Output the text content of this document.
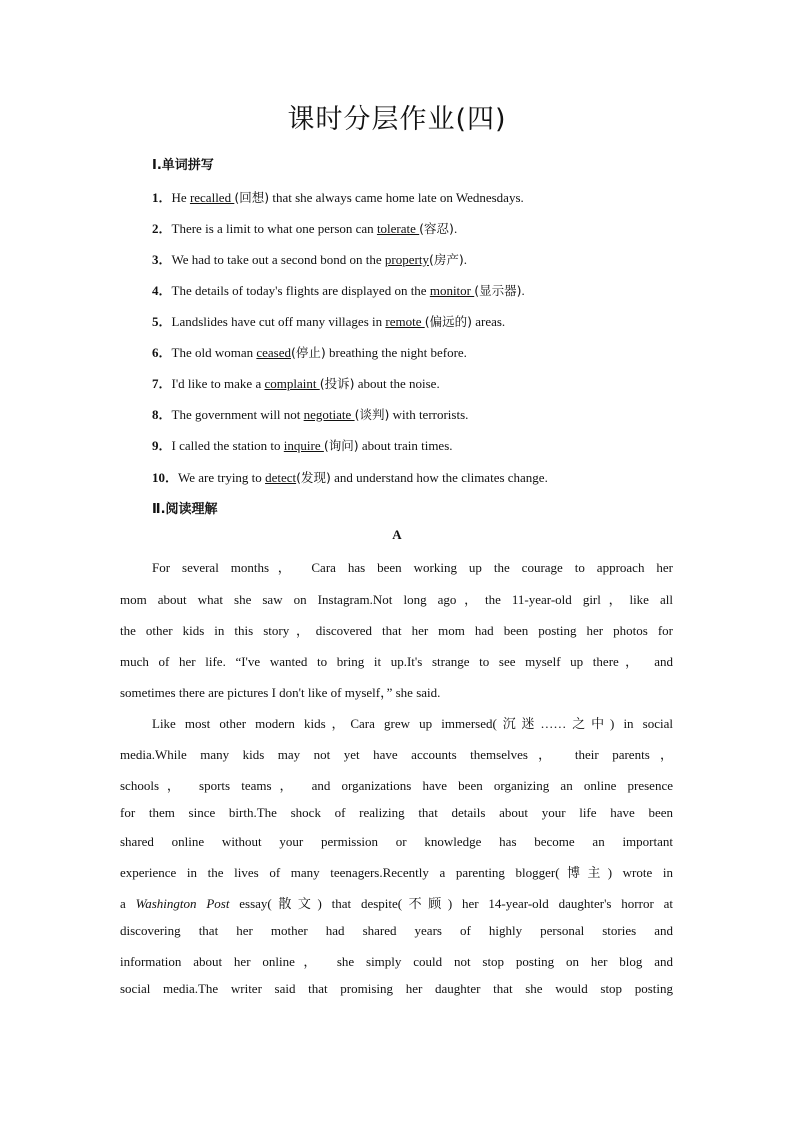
课时分层作业(四)
Ⅰ.单词拼写
1．He recalled (回想) that she always came home late on Wednesdays.
2．There is a limit to what one person can tolerate (容忍).
3．We had to take out a second bond on the property(房产).
4．The details of today's flights are displayed on the monitor (显示器).
5．Landslides have cut off many villages in remote (偏远的) areas.
6．The old woman ceased(停止) breathing the night before.
7．I'd like to make a complaint (投诉) about the noise.
8．The government will not negotiate (谈判) with terrorists.
9．I called the station to inquire (询问) about train times.
10．We are trying to detect(发现) and understand how the climates change.
Ⅱ.阅读理解
A
For several months， Cara has been working up the courage to approach her
mom about what she saw on Instagram.Not long ago，the 11-year-old girl，like all
the other kids in this story，discovered that her mom had been posting her photos for
much of her life. “I've wanted to bring it up.It's strange to see myself up there， and
sometimes there are pictures I don't like of myself，” she said.
Like most other modern kids，Cara grew up immersed(沉迷……之中) in social
media.While many kids may not yet have accounts themselves， their parents，
schools， sports teams， and organizations have been organizing an online presence
for them since birth.The shock of realizing that details about your life have been
shared online without your permission or knowledge has become an important
experience in the lives of many teenagers.Recently a parenting blogger(博主) wrote in
a Washington Post essay(散文) that despite(不顾) her 14-year-old daughter's horror at
discovering that her mother had shared years of highly personal stories and
information about her online， she simply could not stop posting on her blog and
social media.The writer said that promising her daughter that she would stop posting
